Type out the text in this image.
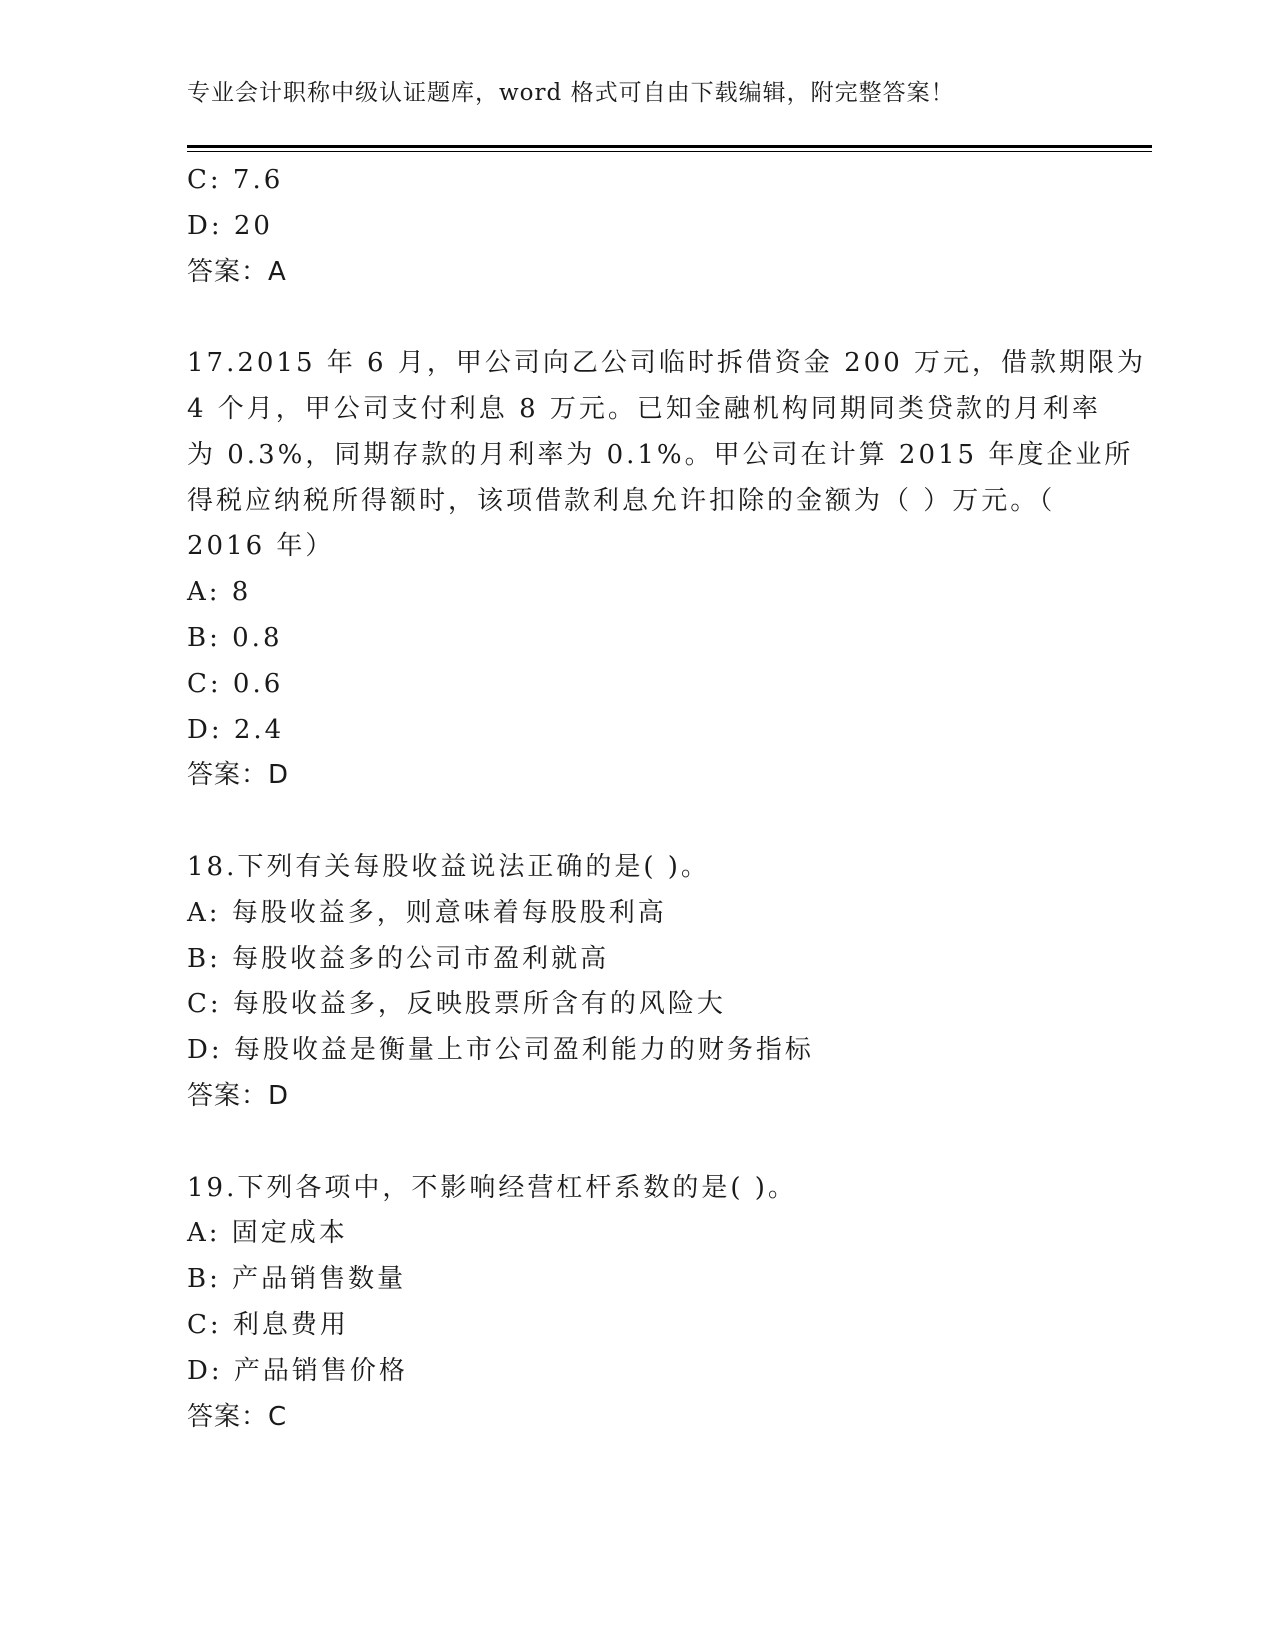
专业会计职称中级认证题库，word 格式可自由下载编辑，附完整答案！
C: 7.6
D: 20
答案：A
17.2015 年 6 月，甲公司向乙公司临时拆借资金 200 万元，借款期限为
4 个月，甲公司支付利息 8 万元。已知金融机构同期同类贷款的月利率
为 0.3%，同期存款的月利率为 0.1%。甲公司在计算 2015 年度企业所
得税应纳税所得额时，该项借款利息允许扣除的金额为（ ）万元。（
2016 年）
A: 8
B: 0.8
C: 0.6
D: 2.4
答案：D
18.下列有关每股收益说法正确的是( )。
A: 每股收益多，则意味着每股股利高
B: 每股收益多的公司市盈利就高
C: 每股收益多，反映股票所含有的风险大
D: 每股收益是衡量上市公司盈利能力的财务指标
答案：D
19.下列各项中，不影响经营杠杆系数的是( )。
A: 固定成本
B: 产品销售数量
C: 利息费用
D: 产品销售价格
答案：C
